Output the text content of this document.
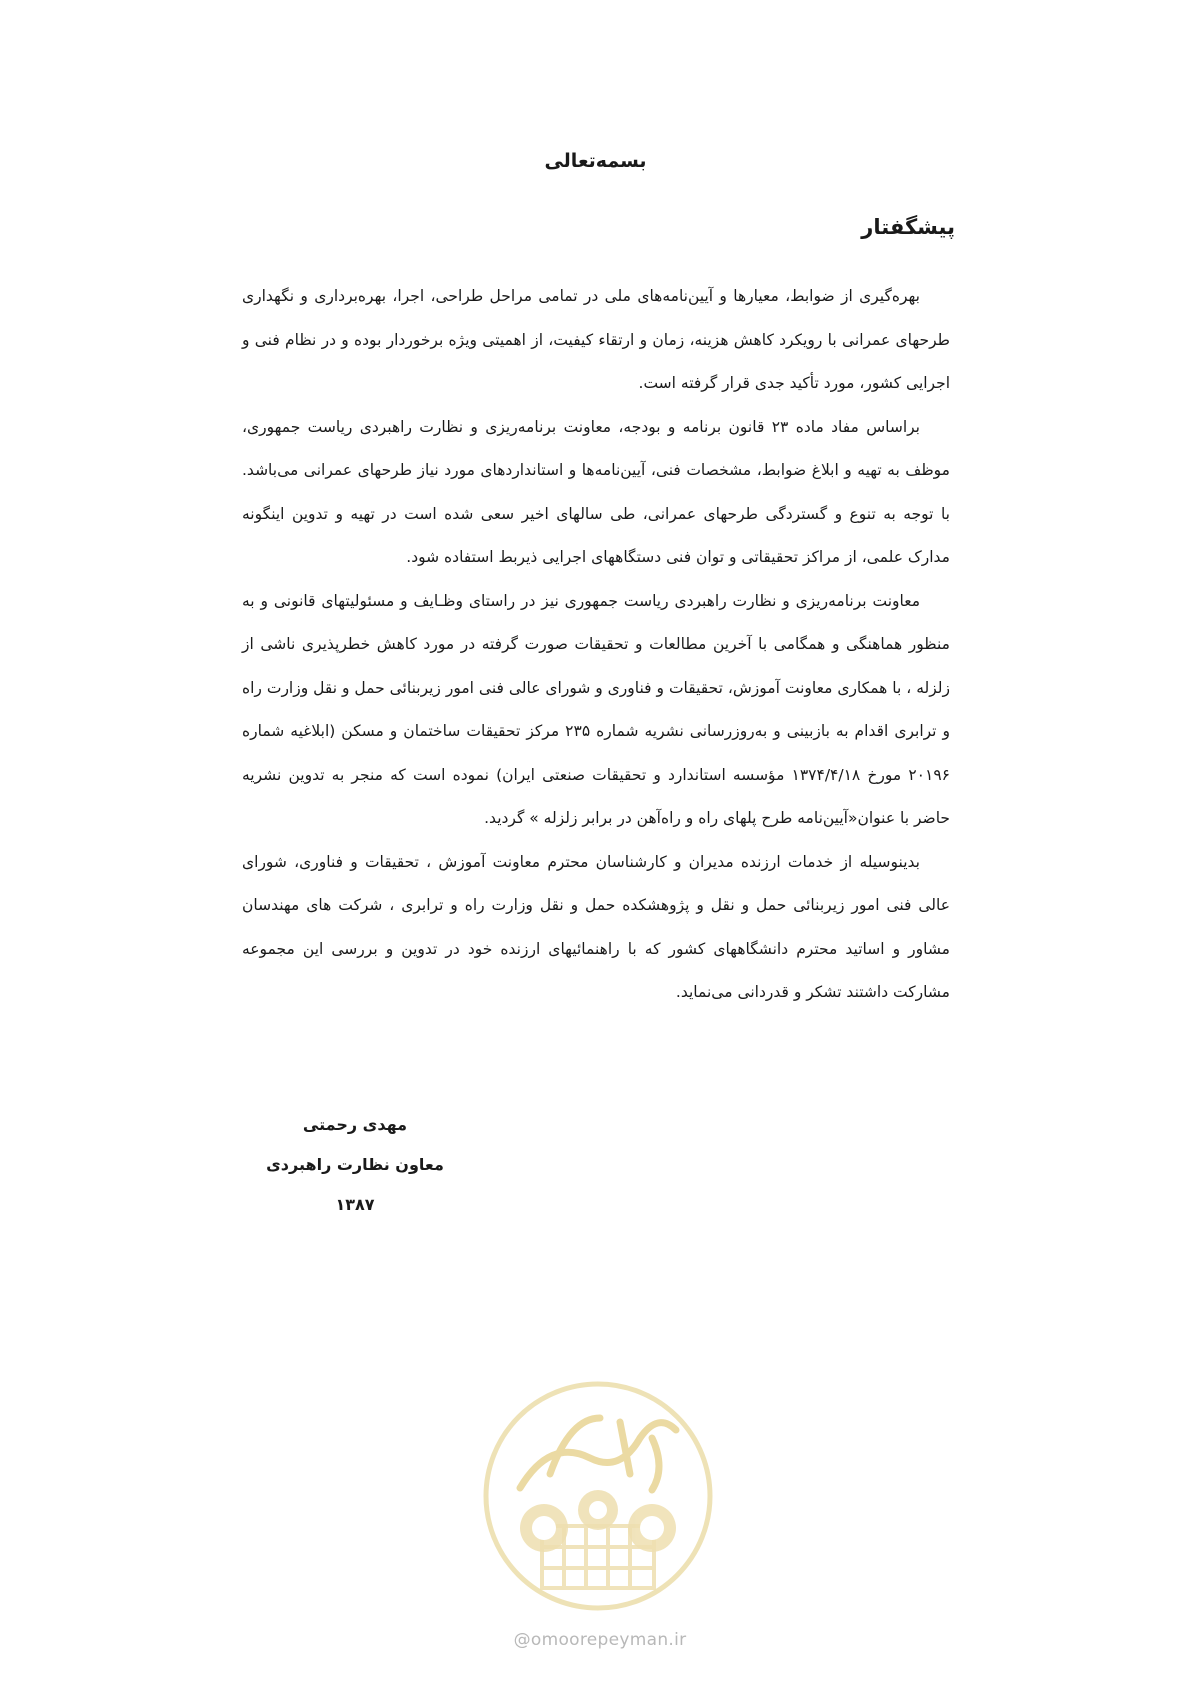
بسمه‌تعالی
پیشگفتار

بهره‌گیری از ضوابط، معیارها و آیین‌نامه‌های ملی در تمامی مراحل طراحی، اجرا، بهره‌برداری و نگهداری طرحهای عمرانی با رویکرد کاهش هزینه، زمان و ارتقاء کیفیت، از اهمیتی ویژه برخوردار بوده و در نظام فنی و اجرایی کشور، مورد تأکید جدی قرار گرفته است.

براساس مفاد ماده ۲۳ قانون برنامه و بودجه، معاونت برنامه‌ریزی و نظارت راهبردی ریاست جمهوری، موظف به تهیه و ابلاغ ضوابط، مشخصات فنی، آیین‌نامه‌ها و استانداردهای مورد نیاز طرحهای عمرانی می‌باشد. با توجه به تنوع و گستردگی طرحهای عمرانی، طی سالهای اخیر سعی شده است در تهیه و تدوین اینگونه مدارک علمی، از مراکز تحقیقاتی و توان فنی دستگاههای اجرایی ذیربط استفاده شود.

معاونت برنامه‌ریزی و نظارت راهبردی ریاست جمهوری نیز در راستای وظـایف و مسئولیتهای قانونی و به منظور هماهنگی و همگامی با آخرین مطالعات و تحقیقات صورت گرفته در مورد کاهش خطرپذیری ناشی از زلزله ، با همکاری معاونت آموزش، تحقیقات و فناوری و شورای عالی فنی امور زیربنائی حمل و نقل وزارت راه و ترابری اقدام به بازبینی و به‌روزرسانی نشریه شماره ۲۳۵ مرکز تحقیقات ساختمان و مسکن (ابلاغیه شماره ۲۰۱۹۶ مورخ ۱۳۷۴/۴/۱۸ مؤسسه استاندارد و تحقیقات صنعتی ایران) نموده است که منجر به تدوین نشریه حاضر با عنوان«آیین‌نامه طرح پلهای راه و راه‌آهن در برابر زلزله » گردید.

بدینوسیله از خدمات ارزنده مدیران و کارشناسان محترم معاونت آموزش ، تحقیقات و فناوری، شورای عالی فنی امور زیربنائی حمل و نقل و پژوهشکده حمل و نقل وزارت راه و ترابری ، شرکت های مهندسان مشاور و اساتید محترم دانشگاههای کشور که با راهنمائیهای ارزنده خود در تدوین و بررسی این مجموعه مشارکت داشتند تشکر و قدردانی می‌نماید.

مهدی رحمتی
معاون نظارت راهبردی
۱۳۸۷
@omoorepeyman.ir
